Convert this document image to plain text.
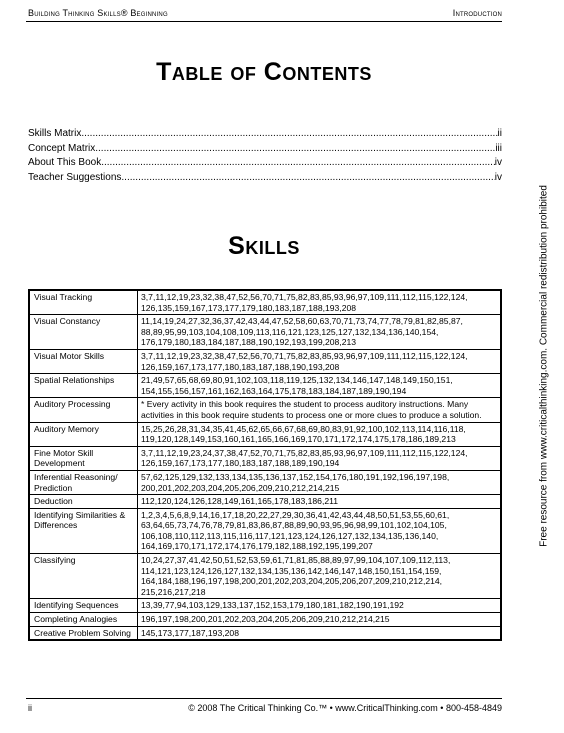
Building Thinking Skills® Beginning	Introduction
Table of Contents
Skills Matrix .....	ii
Concept Matrix .....	iii
About This Book .....	iv
Teacher Suggestions .....	iv
Skills
Visual Tracking	3,7,11,12,19,23,32,38,47,52,56,70,71,75,82,83,85,93,96,97,109,111,112,115,122,124, 126,135,159,167,173,177,179,180,183,187,188,193,208
Visual Constancy	11,14,19,24,27,32,36,37,42,43,44,47,52,58,60,63,70,71,73,74,77,78,79,81,82,85,87, 88,89,95,99,103,104,108,109,113,116,121,123,125,127,132,134,136,140,154, 176,179,180,183,184,187,188,190,192,193,199,208,213
Visual Motor Skills	3,7,11,12,19,23,32,38,47,52,56,70,71,75,82,83,85,93,96,97,109,111,112,115,122,124, 126,159,167,173,177,180,183,187,188,190,193,208
Spatial Relationships	21,49,57,65,68,69,80,91,102,103,118,119,125,132,134,146,147,148,149,150,151, 154,155,156,157,161,162,163,164,175,178,183,184,187,189,190,194
Auditory Processing	* Every activity in this book requires the student to process auditory instructions. Many activities in this book require students to process one or more clues to produce a solution.
Auditory Memory	15,25,26,28,31,34,35,41,45,62,65,66,67,68,69,80,83,91,92,100,102,113,114,116,118, 119,120,128,149,153,160,161,165,166,169,170,171,172,174,175,178,186,189,213
Fine Motor Skill Development	3,7,11,12,19,23,24,37,38,47,52,70,71,75,82,83,85,93,96,97,109,111,112,115,122,124, 126,159,167,173,177,180,183,187,188,189,190,194
Inferential Reasoning/ Prediction	57,62,125,129,132,133,134,135,136,137,152,154,176,180,191,192,196,197,198, 200,201,202,203,204,205,206,209,210,212,214,215
Deduction	112,120,124,126,128,149,161,165,178,183,186,211
Identifying Similarities & Differences	1,2,3,4,5,6,8,9,14,16,17,18,20,22,27,29,30,36,41,42,43,44,48,50,51,53,55,60,61, 63,64,65,73,74,76,78,79,81,83,86,87,88,89,90,93,95,96,98,99,101,102,104,105, 106,108,110,112,113,115,116,117,121,123,124,126,127,132,134,135,136,140, 164,169,170,171,172,174,176,179,182,188,192,195,199,207
Classifying	10,24,27,37,41,42,50,51,52,53,59,61,71,81,85,88,89,97,99,104,107,109,112,113, 114,121,123,124,126,127,132,134,135,136,142,146,147,148,150,151,154,159, 164,184,188,196,197,198,200,201,202,203,204,205,206,207,209,210,212,214, 215,216,217,218
Identifying Sequences	13,39,77,94,103,129,133,137,152,153,179,180,181,182,190,191,192
Completing Analogies	196,197,198,200,201,202,203,204,205,206,209,210,212,214,215
Creative Problem Solving	145,173,177,187,193,208
Free resource from www.criticalthinking.com. Commercial redistribution prohibited
ii	© 2008 The Critical Thinking Co.™ • www.CriticalThinking.com • 800-458-4849
